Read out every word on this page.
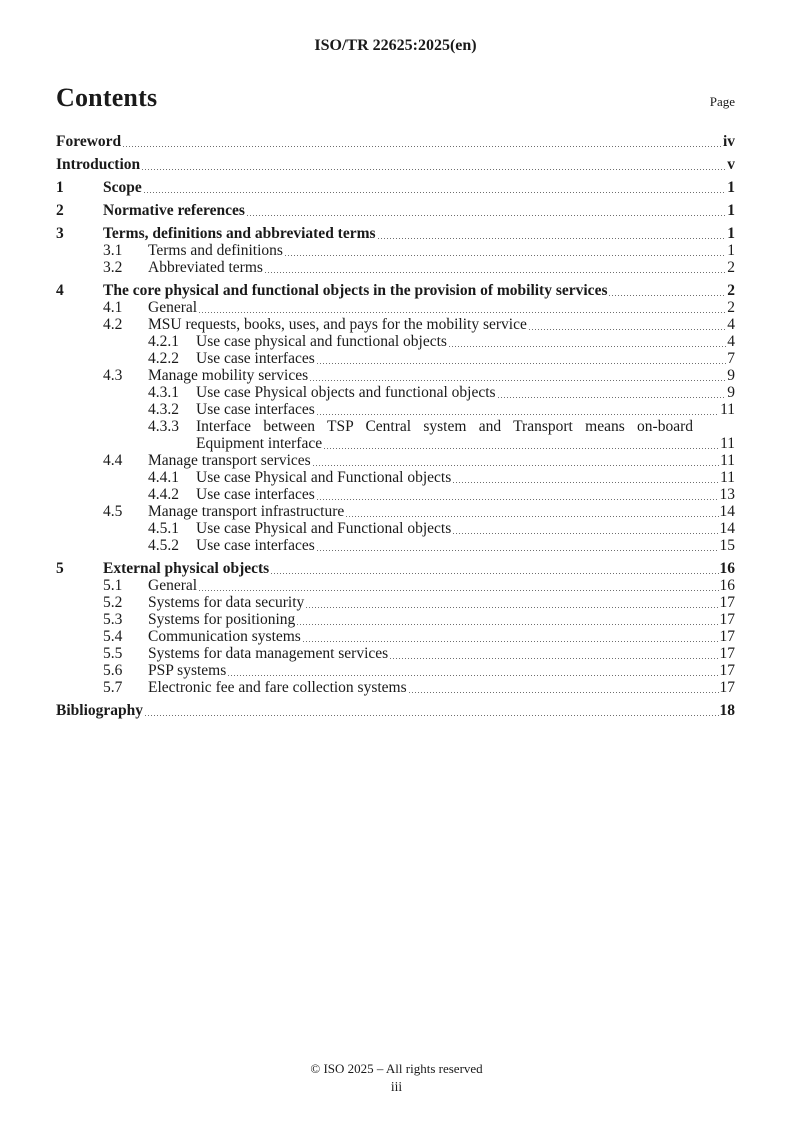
ISO/TR 22625:2025(en)
Contents	Page
Foreword	iv
Introduction	v
1	Scope	1
2	Normative references	1
3	Terms, definitions and abbreviated terms	1
3.1	Terms and definitions	1
3.2	Abbreviated terms	2
4	The core physical and functional objects in the provision of mobility services	2
4.1	General	2
4.2	MSU requests, books, uses, and pays for the mobility service	4
4.2.1	Use case physical and functional objects	4
4.2.2	Use case interfaces	7
4.3	Manage mobility services	9
4.3.1	Use case Physical objects and functional objects	9
4.3.2	Use case interfaces	11
4.3.3	Interface between TSP Central system and Transport means on-board
Equipment interface	11
4.4	Manage transport services	11
4.4.1	Use case Physical and Functional objects	11
4.4.2	Use case interfaces	13
4.5	Manage transport infrastructure	14
4.5.1	Use case Physical and Functional objects	14
4.5.2	Use case interfaces	15
5	External physical objects	16
5.1	General	16
5.2	Systems for data security	17
5.3	Systems for positioning	17
5.4	Communication systems	17
5.5	Systems for data management services	17
5.6	PSP systems	17
5.7	Electronic fee and fare collection systems	17
Bibliography	18
© ISO 2025 – All rights reserved
iii
